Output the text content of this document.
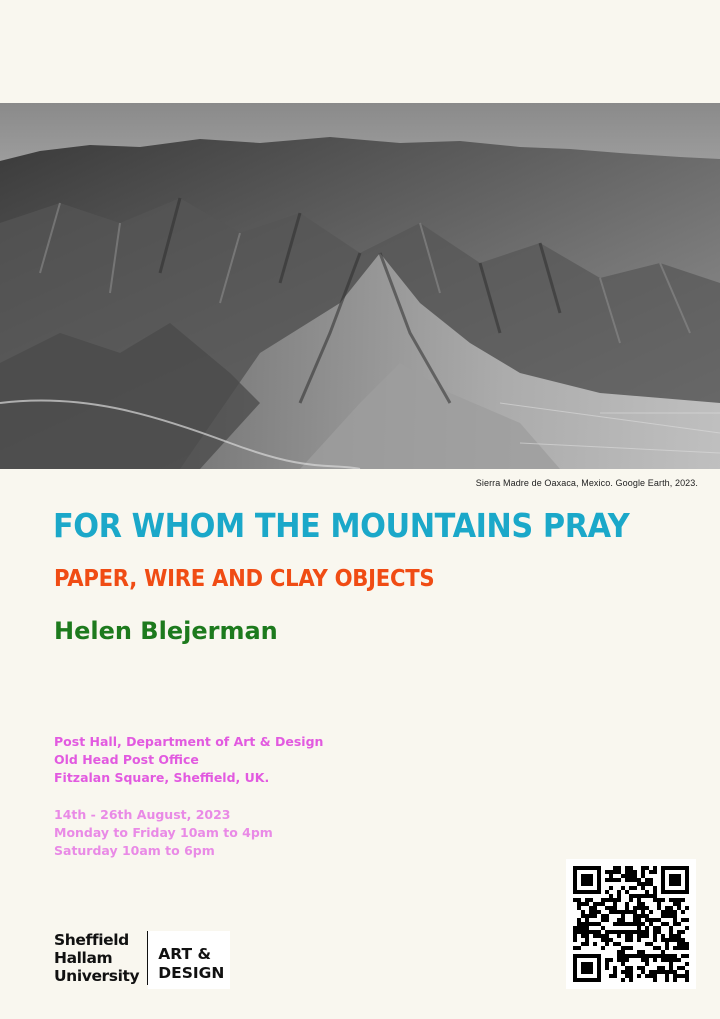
Sierra Madre de Oaxaca, Mexico. Google Earth, 2023.
FOR WHOM THE MOUNTAINS PRAY
PAPER, WIRE AND CLAY OBJECTS
Helen Blejerman
Post Hall, Department of Art & Design
Old Head Post Office
Fitzalan Square, Sheffield, UK.
14th - 26th August, 2023
Monday to Friday 10am to 4pm
Saturday 10am to 6pm
Sheffield
Hallam
University
ART &
DESIGN
